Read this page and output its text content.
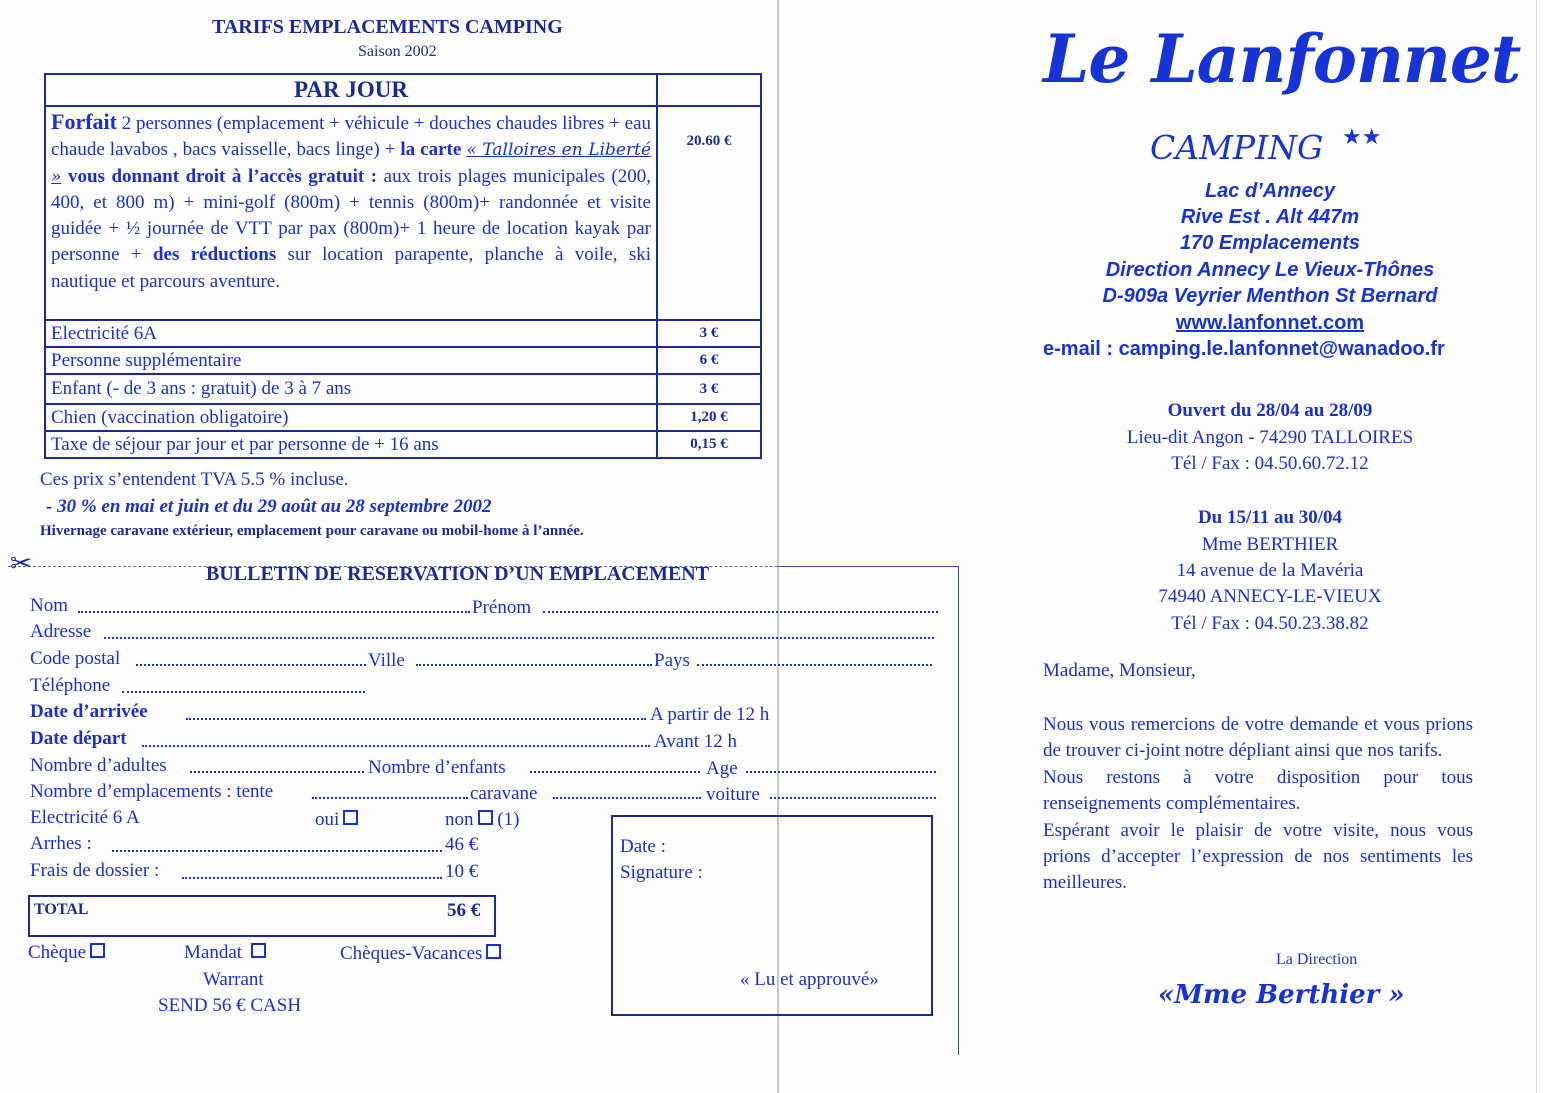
TARIFS EMPLACEMENTS CAMPING
Saison 2002
PAR JOUR	
Forfait 2 personnes (emplacement + véhicule + douches chaudes libres + eau chaude lavabos , bacs vaisselle, bacs linge) + la carte « Talloires en Liberté » vous donnant droit à l’accès gratuit : aux trois plages municipales (200, 400, et 800 m) + mini-golf (800m) + tennis (800m)+ randonnée et visite guidée + ½ journée de VTT par pax (800m)+ 1 heure de location kayak par personne + des réductions sur location parapente, planche à voile, ski nautique et parcours aventure.	20.60 €
Electricité 6A	3 €
Personne supplémentaire	6 €
Enfant (- de 3 ans : gratuit) de 3 à 7 ans	3 €
Chien (vaccination obligatoire)	1,20 €
Taxe de séjour par jour et par personne de + 16 ans	0,15 €
Ces prix s’entendent TVA 5.5 % incluse.
- 30 % en mai et juin et du 29 août au 28 septembre 2002
Hivernage caravane extérieur, emplacement pour caravane ou mobil-home à l’année.
✂	BULLETIN DE RESERVATION D’UN EMPLACEMENT
Nom	Prénom
Adresse
Code postal	Ville	Pays
Téléphone
Date d’arrivée	A partir de 12 h
Date départ	Avant 12 h
Nombre d’adultes	Nombre d’enfants	Age
Nombre d’emplacements : tente	caravane	voiture
Electricité 6 A	oui	non (1)
Arrhes :	46 €
Frais de dossier :	10 €
TOTAL	56 €
Date :
Signature :
« Lu et approuvé»
Chèque	Mandat	Chèques-Vacances
Warrant
SEND 56 € CASH
Le Lanfonnet
CAMPING ★★
Lac d’Annecy
Rive Est . Alt 447m
170 Emplacements
Direction Annecy Le Vieux-Thônes
D-909a Veyrier Menthon St Bernard
www.lanfonnet.com
e-mail : camping.le.lanfonnet@wanadoo.fr
Ouvert du 28/04 au 28/09
Lieu-dit Angon - 74290 TALLOIRES
Tél / Fax : 04.50.60.72.12
Du 15/11 au 30/04
Mme BERTHIER
14 avenue de la Mavéria
74940 ANNECY-LE-VIEUX
Tél / Fax : 04.50.23.38.82
Madame, Monsieur,

Nous vous remercions de votre demande et vous prions de trouver ci-joint notre dépliant ainsi que nos tarifs.

Nous restons à votre disposition pour tous renseignements complémentaires.

Espérant avoir le plaisir de votre visite, nous vous prions d’accepter l’expression de nos sentiments les meilleures.

La Direction
«Mme Berthier »
